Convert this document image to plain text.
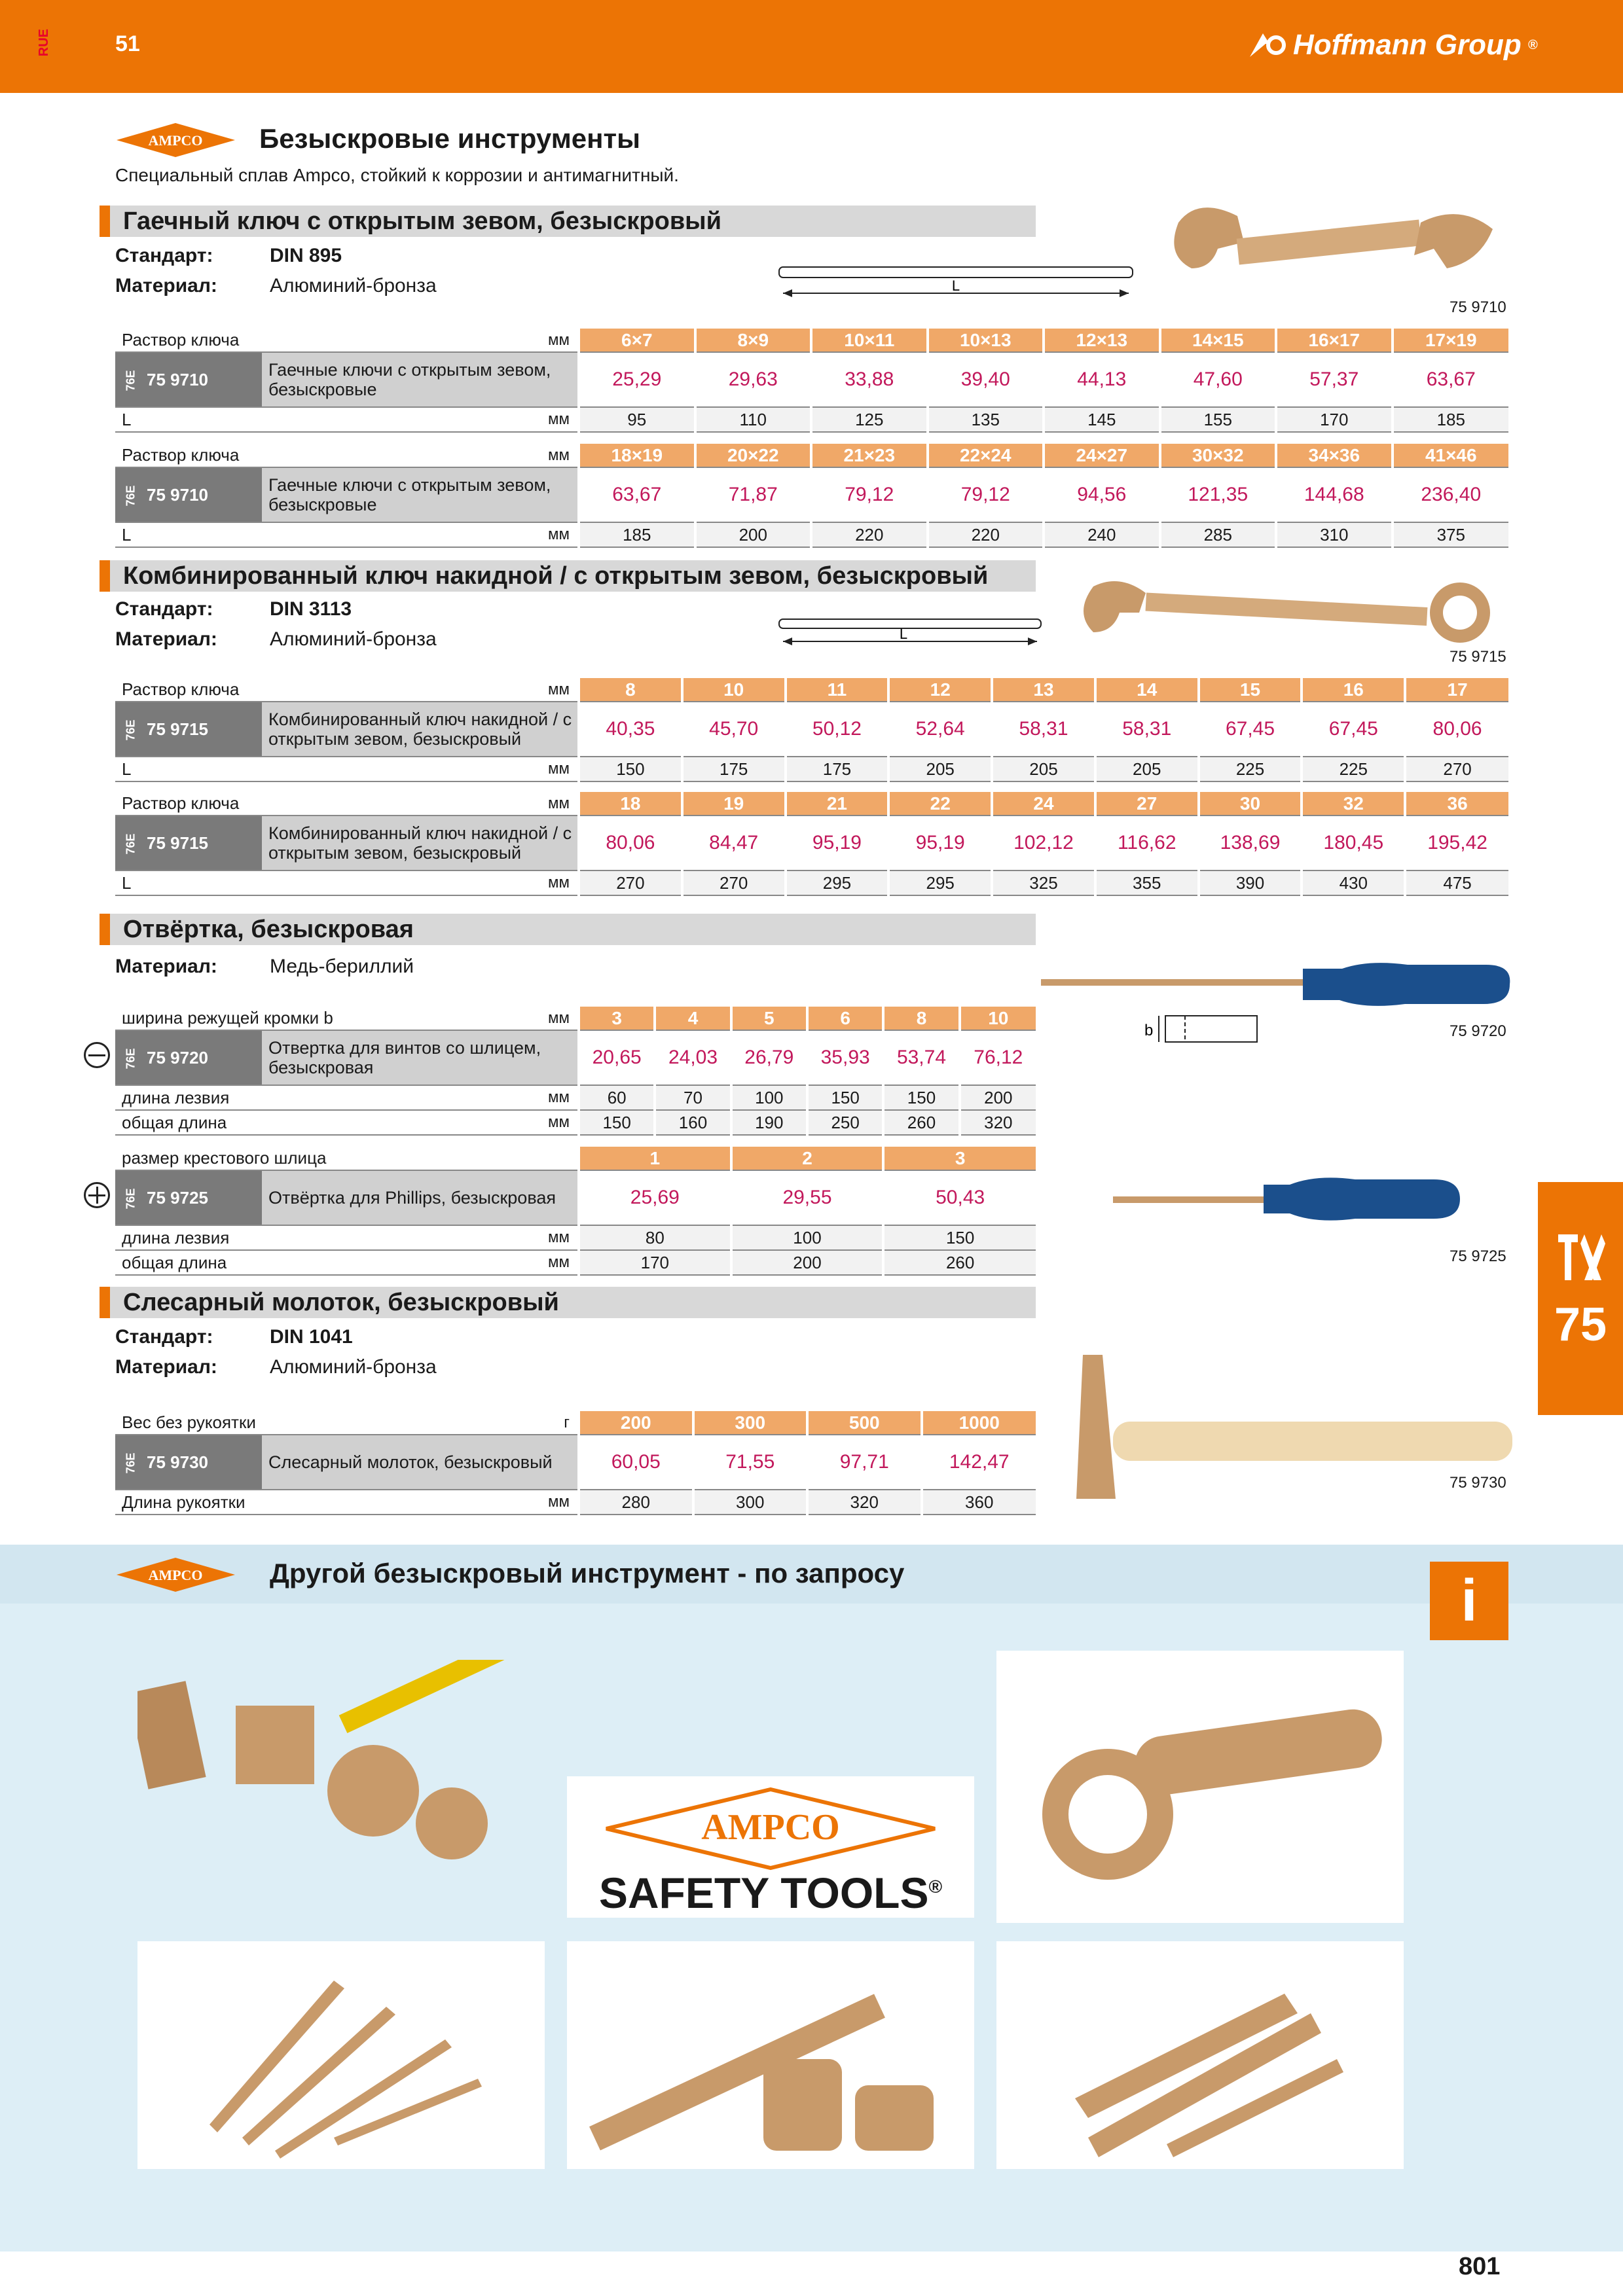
RUE	51	Hoffmann Group ®
AMPCO Безыскровые инструменты
Специальный сплав Ampco, стойкий к коррозии и антимагнитный.
Гаечный ключ с открытым зевом, безыскровый
Стандарт:	DIN 895
Материал:	Алюминий-бронза	L
75 9710
Раствор ключа		мм	6×7	8×9	10×11	10×13	12×13	14×15	16×17	17×19
76E 75 9710	Гаечные ключи с открытым зевом, безыскровые		25,29	29,63	33,88	39,40	44,13	47,60	57,37	63,67
L		мм	95	110	125	135	145	155	170	185
Раствор ключа		мм	18×19	20×22	21×23	22×24	24×27	30×32	34×36	41×46
76E 75 9710	Гаечные ключи с открытым зевом, безыскровые		63,67	71,87	79,12	79,12	94,56	121,35	144,68	236,40
L		мм	185	200	220	220	240	285	310	375
Комбинированный ключ накидной / с открытым зевом, безыскровый
Стандарт:	DIN 3113
Материал:	Алюминий-бронза	L
75 9715
Раствор ключа		мм	8	10	11	12	13	14	15	16	17
76E 75 9715	Комбинированный ключ накидной / с открытым зевом, безыскровый		40,35	45,70	50,12	52,64	58,31	58,31	67,45	67,45	80,06
L		мм	150	175	175	205	205	205	225	225	270
Раствор ключа		мм	18	19	21	22	24	27	30	32	36
76E 75 9715	Комбинированный ключ накидной / с открытым зевом, безыскровый		80,06	84,47	95,19	95,19	102,12	116,62	138,69	180,45	195,42
L		мм	270	270	295	295	325	355	390	430	475
Отвёртка, безыскровая
Материал:	Медь-бериллий
b	75 9720
ширина режущей кромки b		мм	3	4	5	6	8	10
76E 75 9720	Отвертка для винтов со шлицем, безыскровая		20,65	24,03	26,79	35,93	53,74	76,12
длина лезвия		мм	60	70	100	150	150	200
общая длина		мм	150	160	190	250	260	320
75 9725
размер крестового шлица			1	2	3
76E 75 9725	Отвёртка для Phillips, безыскровая		25,69	29,55	50,43
длина лезвия		мм	80	100	150
общая длина		мм	170	200	260
Слесарный молоток, безыскровый
Стандарт:	DIN 1041
Материал:	Алюминий-бронза
75 9730
Вес без рукоятки		г	200	300	500	1000
76E 75 9730	Слесарный молоток, безыскровый		60,05	71,55	97,71	142,47
Длина рукоятки		мм	280	300	320	360
75
AMPCO Другой безыскровый инструмент - по запросу	i
AMPCO
SAFETY TOOLS®
801
